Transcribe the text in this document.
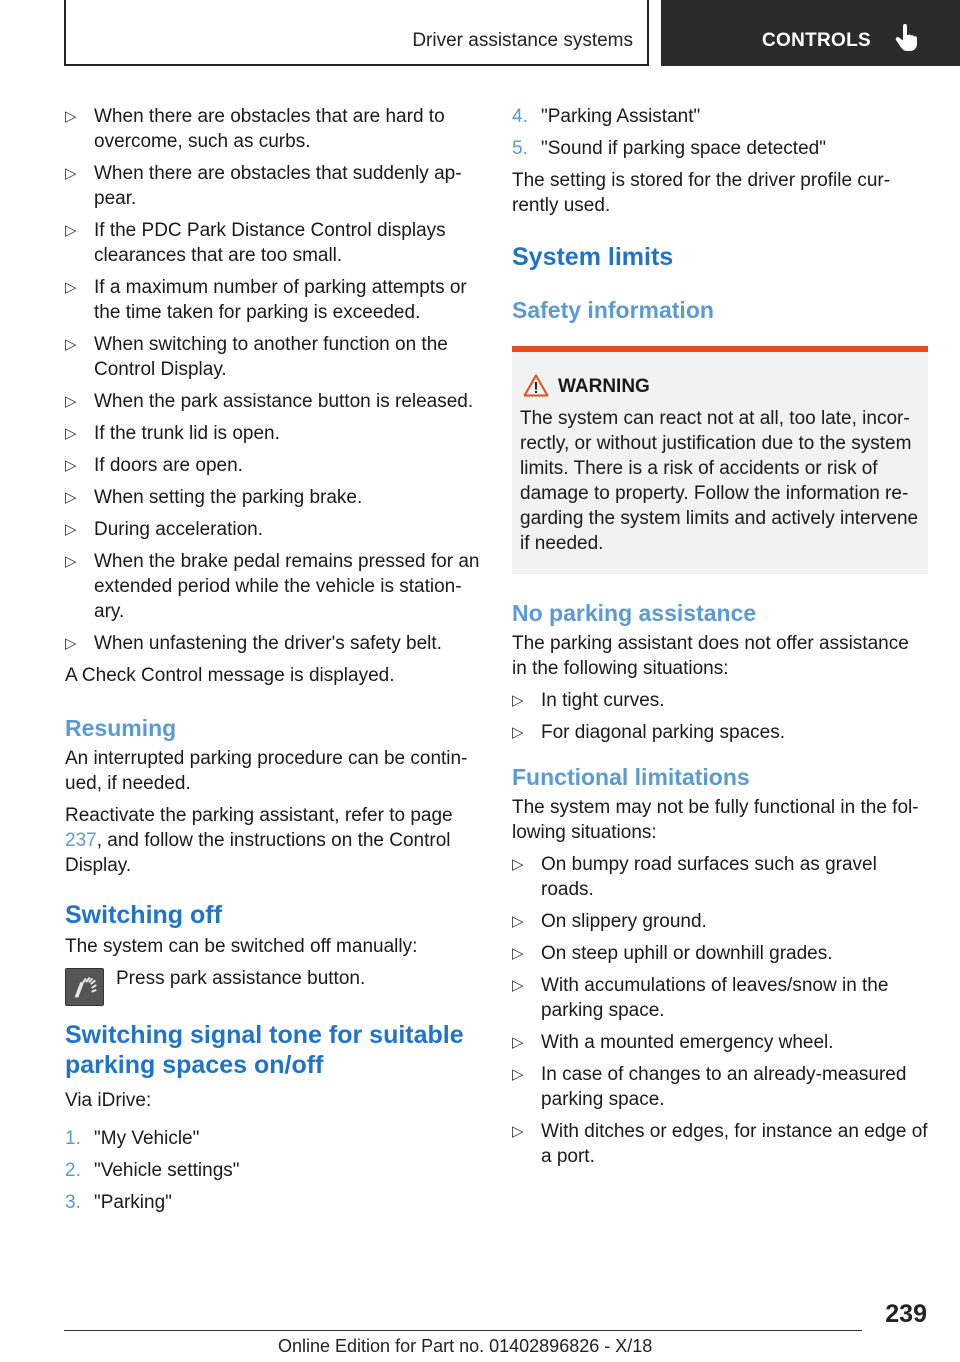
Driver assistance systems	CONTROLS
▷ When there are obstacles that are hard to overcome, such as curbs.
▷ When there are obstacles that suddenly ap‐pear.
▷ If the PDC Park Distance Control displays clearances that are too small.
▷ If a maximum number of parking attempts or the time taken for parking is exceeded.
▷ When switching to another function on the Control Display.
▷ When the park assistance button is released.
▷ If the trunk lid is open.
▷ If doors are open.
▷ When setting the parking brake.
▷ During acceleration.
▷ When the brake pedal remains pressed for an extended period while the vehicle is station‐ary.
▷ When unfastening the driver's safety belt.

A Check Control message is displayed.

Resuming

An interrupted parking procedure can be contin‐ued, if needed.

Reactivate the parking assistant, refer to page 237, and follow the instructions on the Control Display.

Switching off

The system can be switched off manually:

Press park assistance button.
Switching signal tone for suitable parking spaces on/off

Via iDrive:

1. "My Vehicle"
2. "Vehicle settings"
3. "Parking"
4. "Parking Assistant"
5. "Sound if parking space detected"

The setting is stored for the driver profile cur‐rently used.

System limits
Safety information
WARNING

The system can react not at all, too late, incor‐rectly, or without justification due to the system limits. There is a risk of accidents or risk of damage to property. Follow the information re‐garding the system limits and actively intervene if needed.

No parking assistance

The parking assistant does not offer assistance in the following situations:

▷ In tight curves.
▷ For diagonal parking spaces.
Functional limitations

The system may not be fully functional in the fol‐lowing situations:

▷ On bumpy road surfaces such as gravel roads.
▷ On slippery ground.
▷ On steep uphill or downhill grades.
▷ With accumulations of leaves/snow in the parking space.
▷ With a mounted emergency wheel.
▷ In case of changes to an already-measured parking space.
▷ With ditches or edges, for instance an edge of a port.
239
Online Edition for Part no. 01402896826 - X/18
